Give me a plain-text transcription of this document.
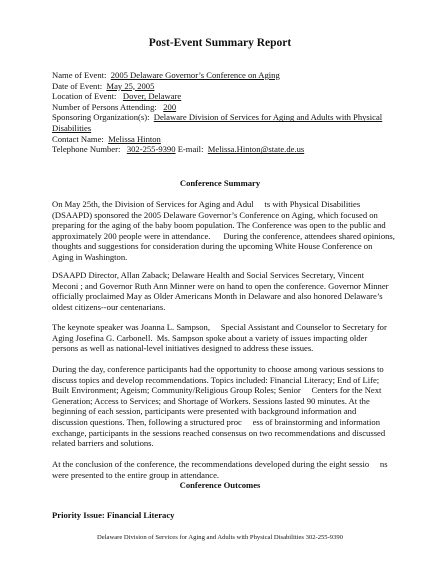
Post-Event Summary Report
Name of Event: 2005 Delaware Governor’s Conference on Aging
Date of Event: May 25, 2005
Location of Event: Dover, Delaware
Number of Persons Attending: 200
Sponsoring Organization(s): Delaware Division of Services for Aging and Adults with Physical
Disabilities
Contact Name: Melissa Hinton
Telephone Number: 302-255-9390 E-mail: Melissa.Hinton@state.de.us
Conference Summary
On May 25th, the Division of Services for Aging and Adul     ts with Physical Disabilities
(DSAAPD) sponsored the 2005 Delaware Governor’s Conference on Aging, which focused on
preparing for the aging of the baby boom population. The Conference was open to the public and
approximately 200 people were in attendance.      During the conference, attendees shared opinions,
thoughts and suggestions for consideration during the upcoming White House Conference on
Aging in Washington.
DSAAPD Director, Allan Zaback; Delaware Health and Social Services Secretary, Vincent
Meconi ; and Governor Ruth Ann Minner were on hand to open the conference. Governor Minner
officially proclaimed May as Older Americans Month in Delaware and also honored Delaware’s
oldest citizens--our centenarians.
The keynote speaker was Joanna L. Sampson,     Special Assistant and Counselor to Secretary for
Aging Josefina G. Carbonell.  Ms. Sampson spoke about a variety of issues impacting older
persons as well as national-level initiatives designed to address these issues.
During the day, conference participants had the opportunity to choose among various sessions to
discuss topics and develop recommendations. Topics included: Financial Literacy; End of Life;
Built Environment; Ageism; Community/Religious Group Roles; Senior     Centers for the Next
Generation; Access to Services; and Shortage of Workers. Sessions lasted 90 minutes. At the
beginning of each session, participants were presented with background information and
discussion questions. Then, following a structured proc     ess of brainstorming and information
exchange, participants in the sessions reached consensus on two recommendations and discussed
related barriers and solutions.
At the conclusion of the conference, the recommendations developed during the eight sessio     ns
were presented to the entire group in attendance.
Conference Outcomes
Priority Issue: Financial Literacy
Delaware Division of Services for Aging and Adults with Physical Disabilities 302-255-9390
